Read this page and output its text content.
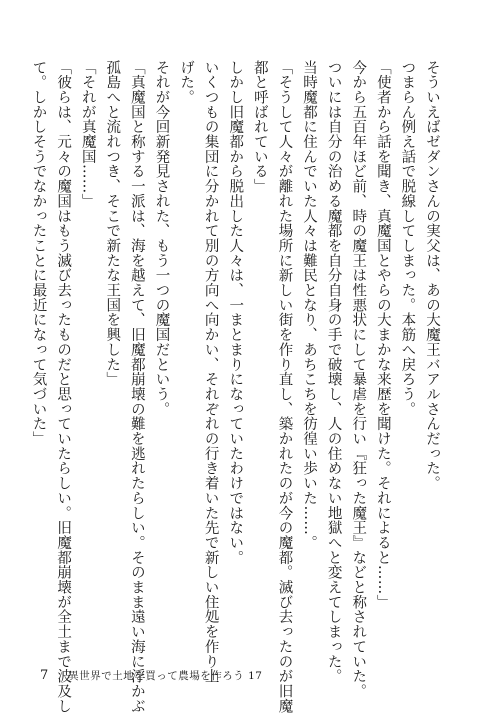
そういえばゼダンさんの実父は、あの大魔王バアルさんだった。
つまらん例え話で脱線してしまった。本筋へ戻ろう。
「使者から話を聞き、真魔国とやらの大まかな来歴を聞けた。それによると……」
今から五百年ほど前、時の魔王は性悪状にして暴虐を行い『狂った魔王』などと称されていた。
ついには自分の治める魔都を自分自身の手で破壊し、人の住めない地獄へと変えてしまった。
当時魔都に住んでいた人々は難民となり、あちこちを彷徨い歩いた……。
「そうして人々が離れた場所に新しい街を作り直し、築かれたのが今の魔都。滅び去ったのが旧魔
都と呼ばれている」
しかし旧魔都から脱出した人々は、一まとまりになっていたわけではない。
いくつもの集団に分かれて別の方向へ向かい、それぞれの行き着いた先で新しい住処を作り上
げた。
それが今回新発見された、もう一つの魔国だという。
「真魔国と称する一派は、海を越えて、旧魔都崩壊の難を逃れたらしい。そのまま遠い海に浮かぶ
孤島へと流れつき、そこで新たな王国を興した」
「それが真魔国……」
「彼らは、元々の魔国はもう滅び去ったものだと思っていたらしい。旧魔都崩壊が全土まで波及し
て。しかしそうでなかったことに最近になって気づいた」
7 異世界で土地を買って農場を作ろう 17
